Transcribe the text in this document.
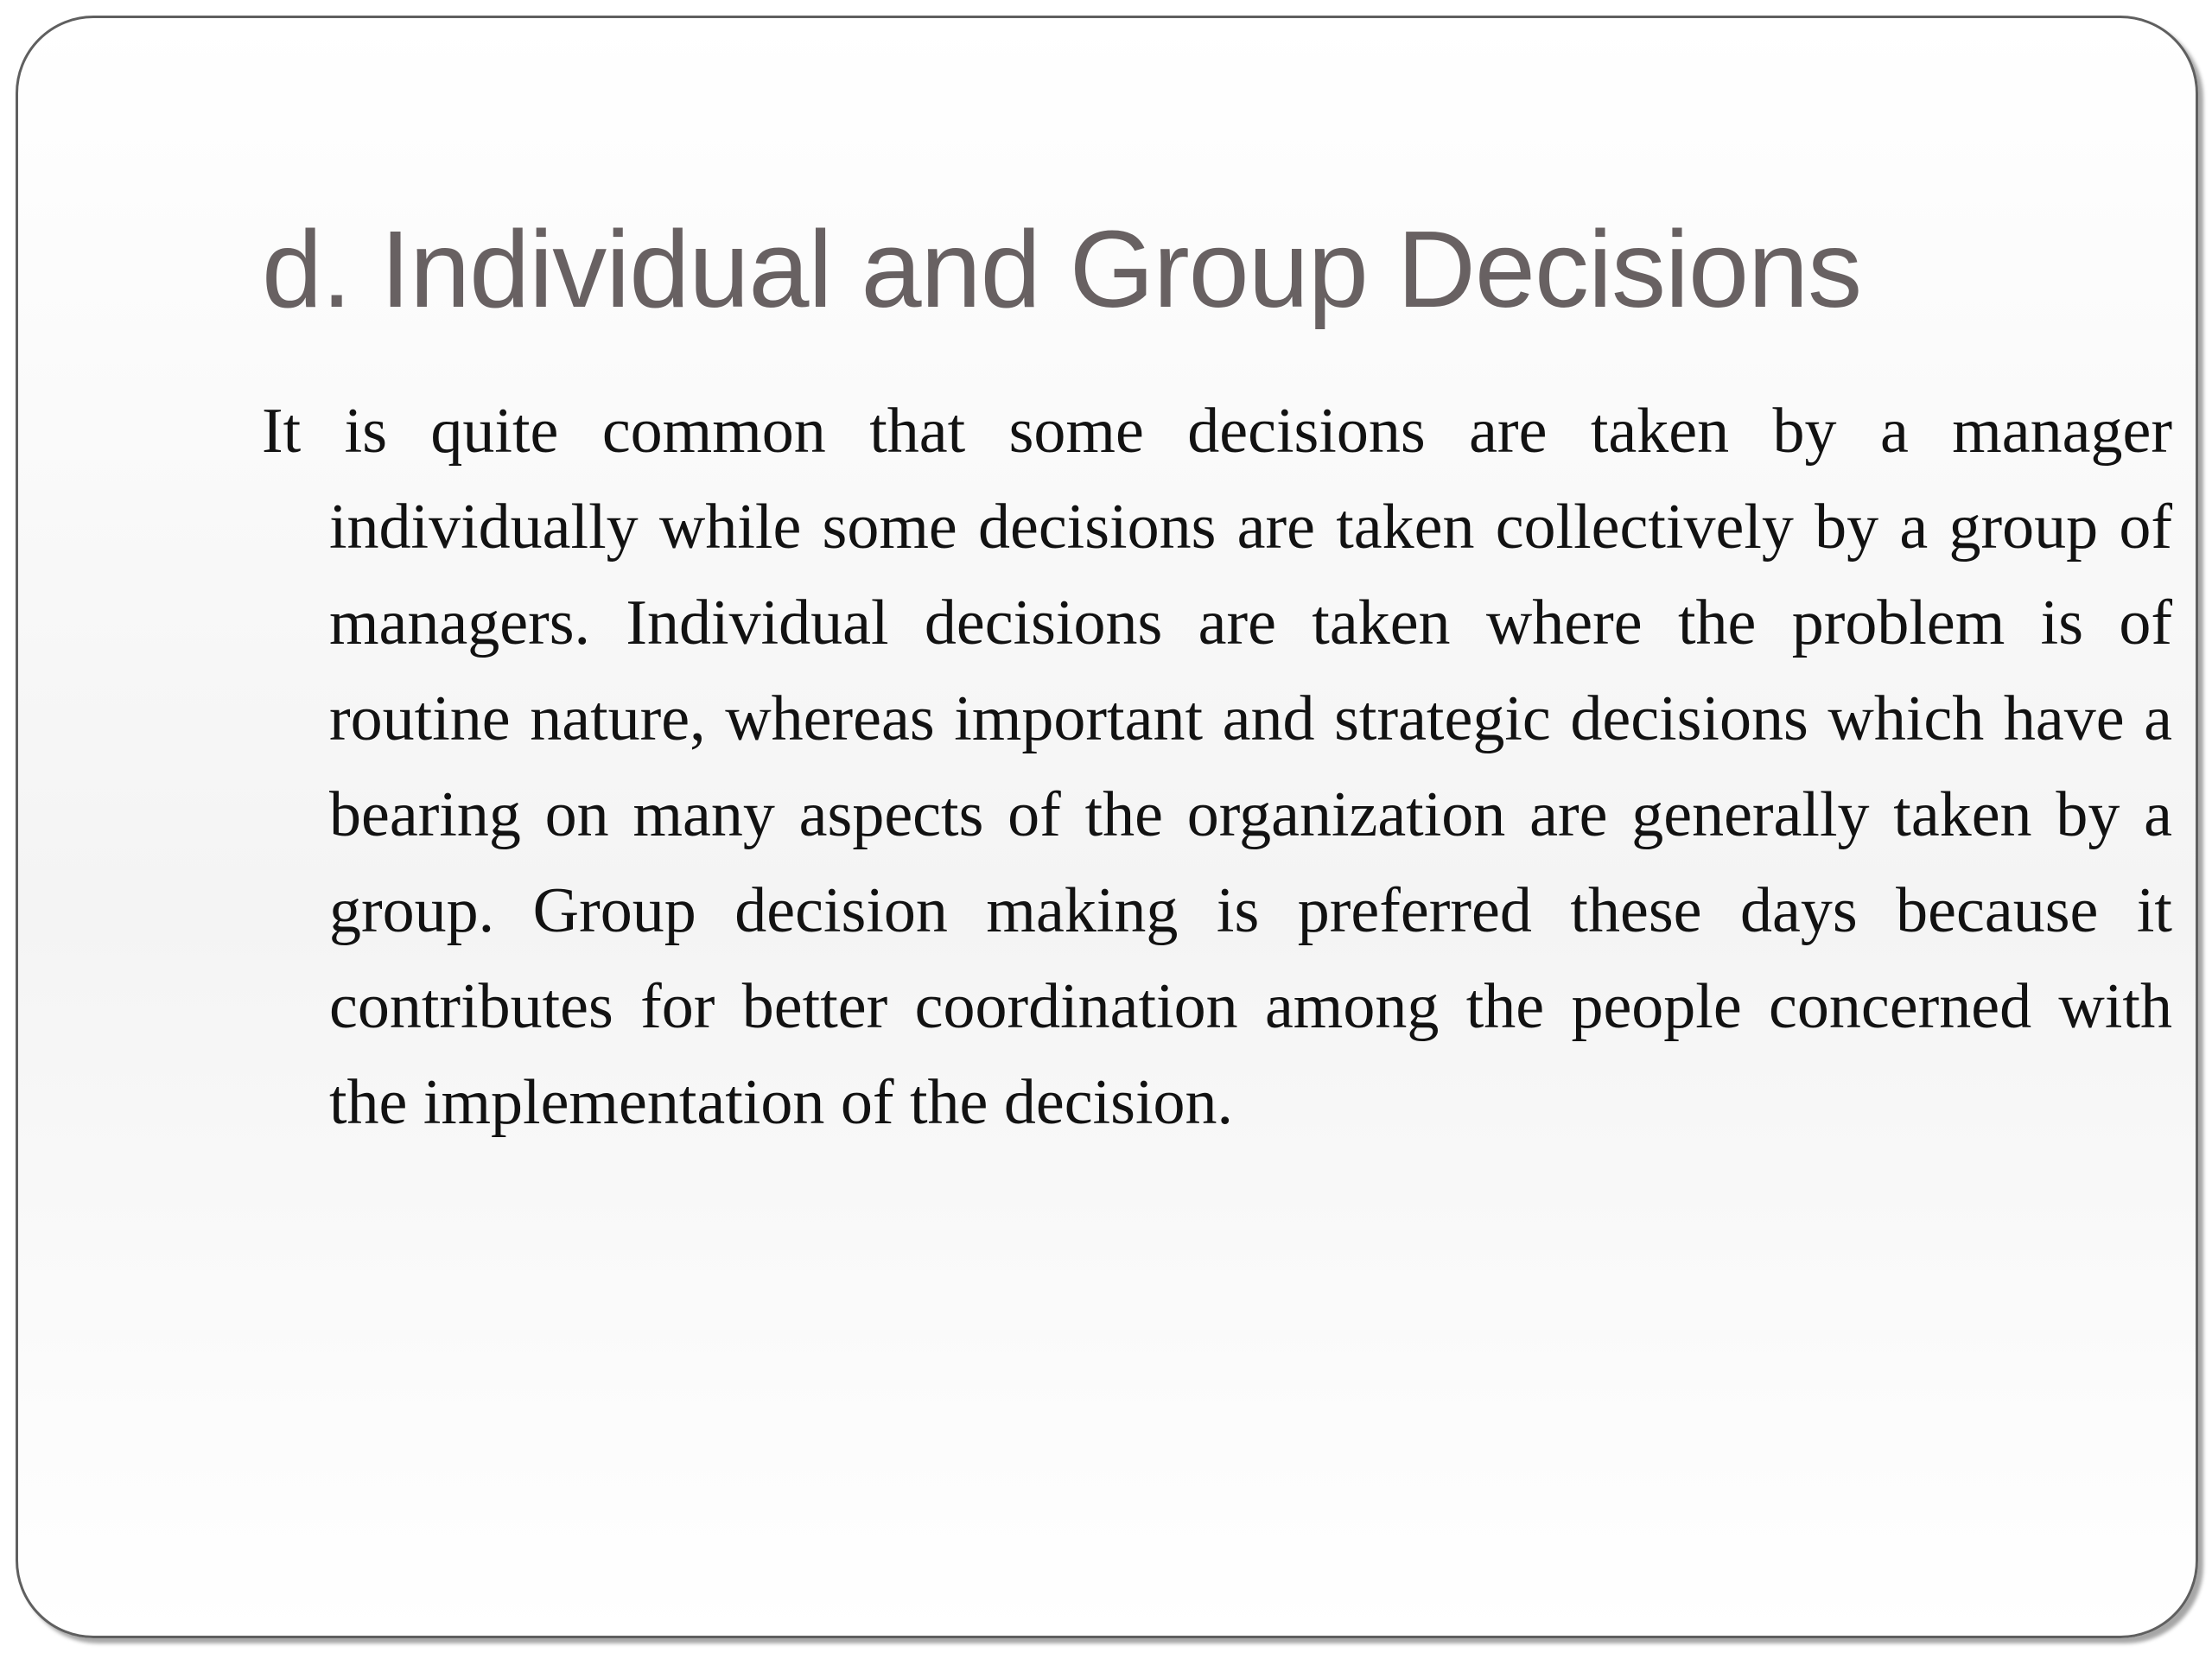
d. Individual and Group Decisions

It is quite common that some decisions are taken by a manager individually while some decisions are taken collectively by a group of managers. Individual decisions are taken where the problem is of routine nature, whereas important and strategic decisions which have a bearing on many aspects of the organization are generally taken by a group. Group decision making is preferred these days because it contributes for better coordination among the people concerned with the implementation of the decision.
